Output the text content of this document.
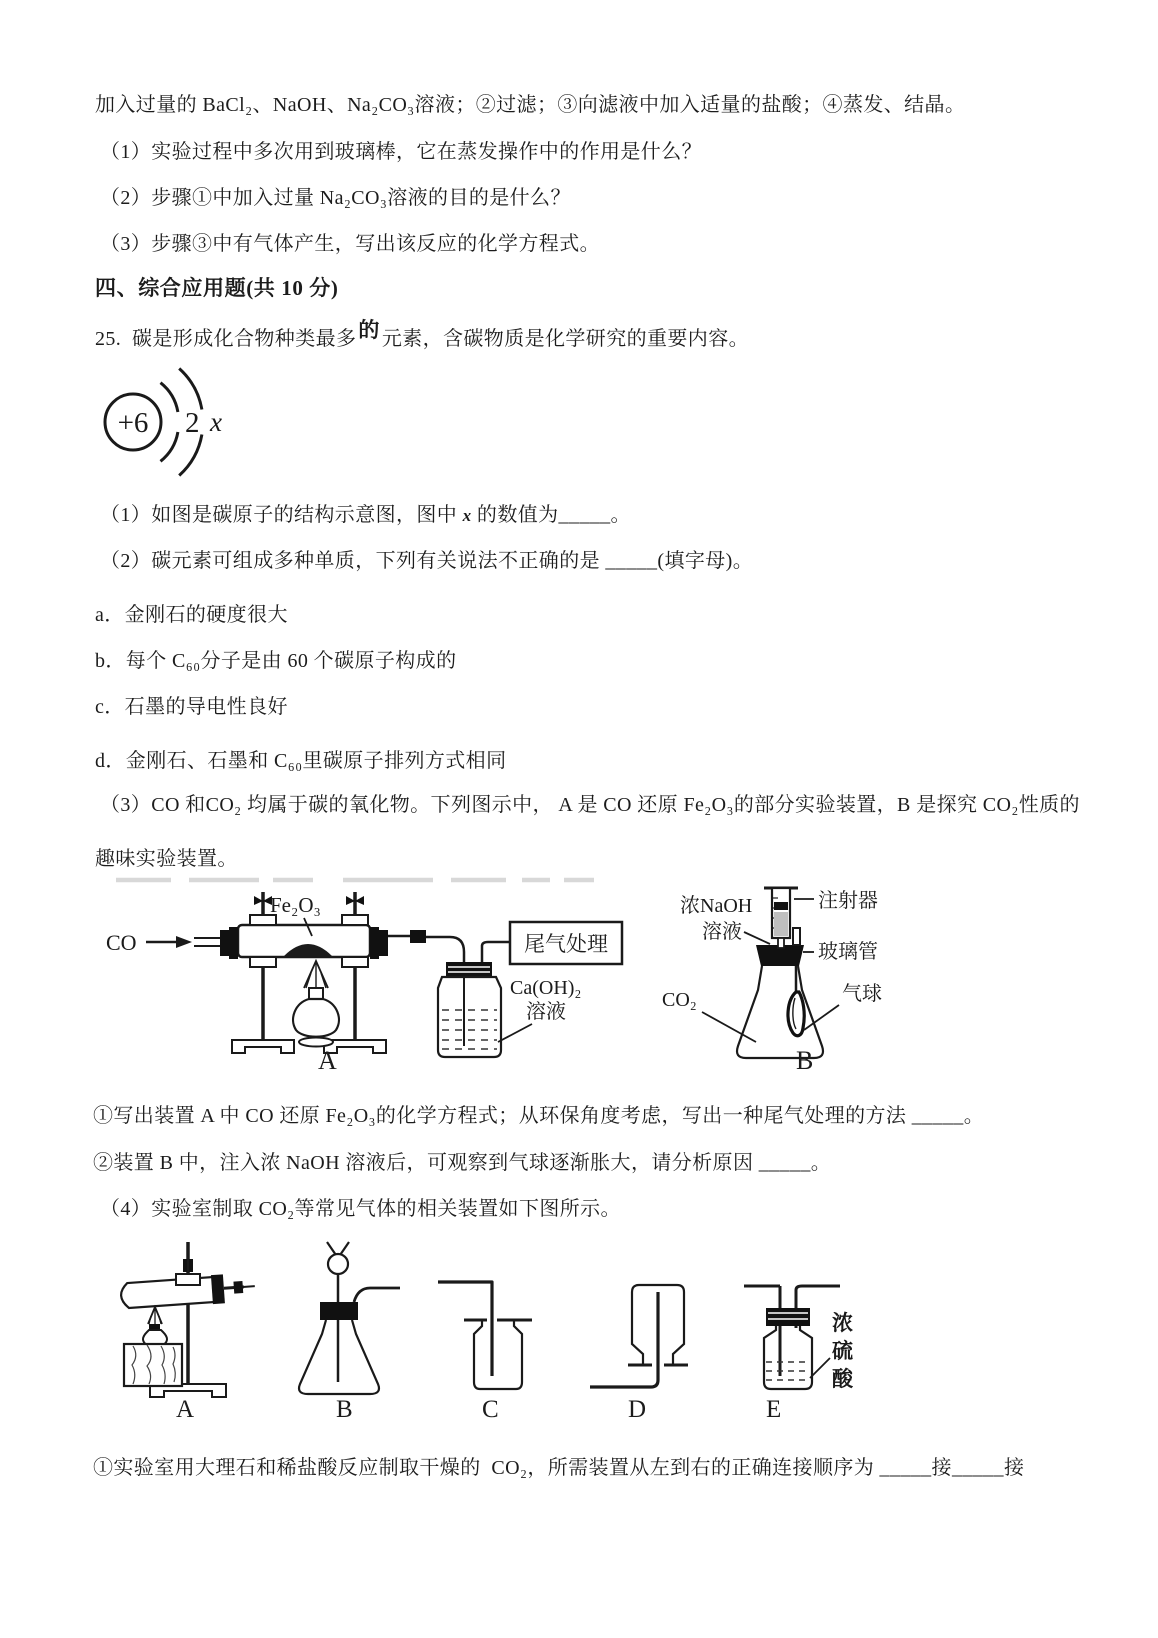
加入过量的 BaCl₂、NaOH、Na₂CO₃溶液；②过滤；③向滤液中加入适量的盐酸；④蒸发、结晶。
（1）实验过程中多次用到玻璃棒，它在蒸发操作中的作用是什么？
（2）步骤①中加入过量 Na₂CO₃溶液的目的是什么？
（3）步骤③中有气体产生，写出该反应的化学方程式。
四、综合应用题(共 10 分)
25.  碳是形成化合物种类最多的 元素，含碳物质是化学研究的重要内容。
（1）如图是碳原子的结构示意图，图中 x 的数值为_____。
（2）碳元素可组成多种单质，下列有关说法不正确的是 _____(填字母)。
a．金刚石的硬度很大
b．每个 C₆₀分子是由 60 个碳原子构成的
c．石墨的导电性良好
d．金刚石、石墨和 C₆₀里碳原子排列方式相同
（3）CO 和CO₂ 均属于碳的氧化物。下列图示中， A 是 CO 还原 Fe₂O₃的部分实验装置，B 是探究 CO₂性质的
趣味实验装置。
+6 2 x
CO
Fe₂O₃
尾气处理
Ca(OH)₂
溶液
A
浓NaOH
溶液
注射器
玻璃管
CO₂	气球
B
①写出装置 A 中 CO 还原 Fe₂O₃的化学方程式；从环保角度考虑，写出一种尾气处理的方法 _____。
②装置 B 中，注入浓 NaOH 溶液后，可观察到气球逐渐胀大，请分析原因 _____。
（4）实验室制取 CO₂等常见气体的相关装置如下图所示。
浓
硫
酸
A	B	C	D	E
①实验室用大理石和稀盐酸反应制取干燥的  CO₂，所需装置从左到右的正确连接顺序为 _____接_____接
